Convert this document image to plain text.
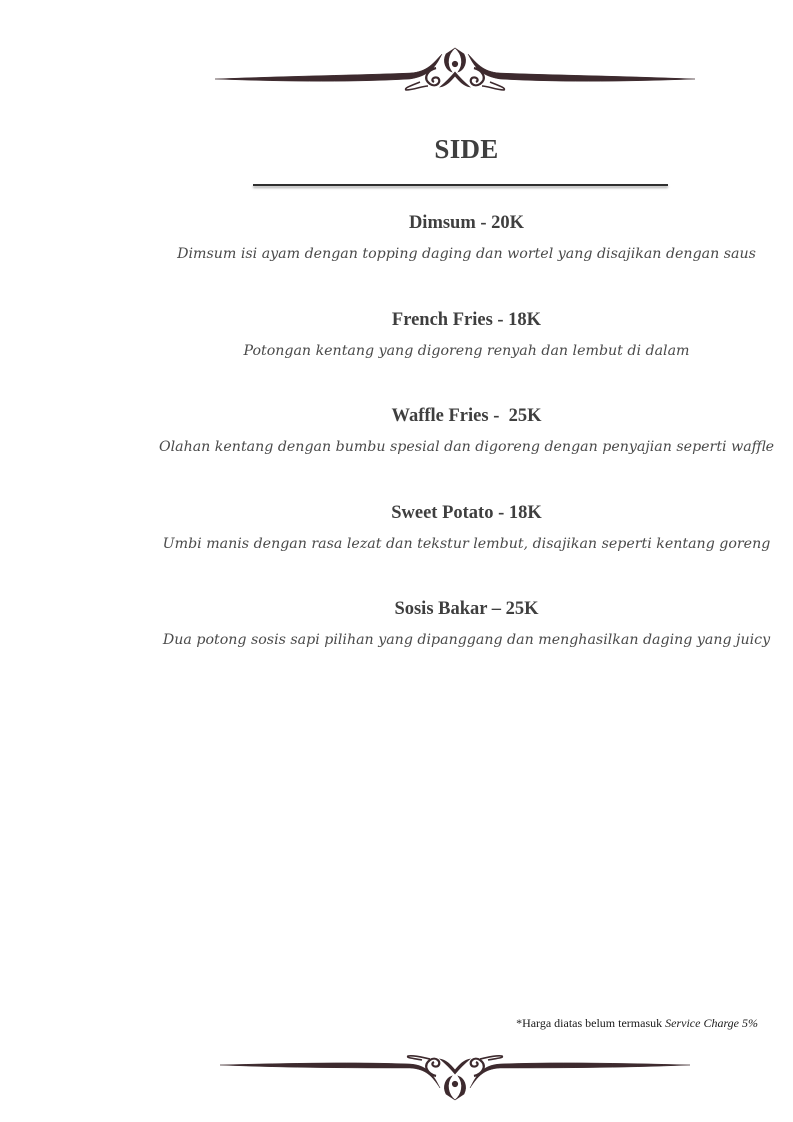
SIDE
Dimsum - 20K
Dimsum isi ayam dengan topping daging dan wortel yang disajikan dengan saus
French Fries - 18K
Potongan kentang yang digoreng renyah dan lembut di dalam
Waffle Fries -  25K
Olahan kentang dengan bumbu spesial dan digoreng dengan penyajian seperti waffle
Sweet Potato - 18K
Umbi manis dengan rasa lezat dan tekstur lembut, disajikan seperti kentang goreng
Sosis Bakar – 25K
Dua potong sosis sapi pilihan yang dipanggang dan menghasilkan daging yang juicy
*Harga diatas belum termasuk Service Charge 5%
